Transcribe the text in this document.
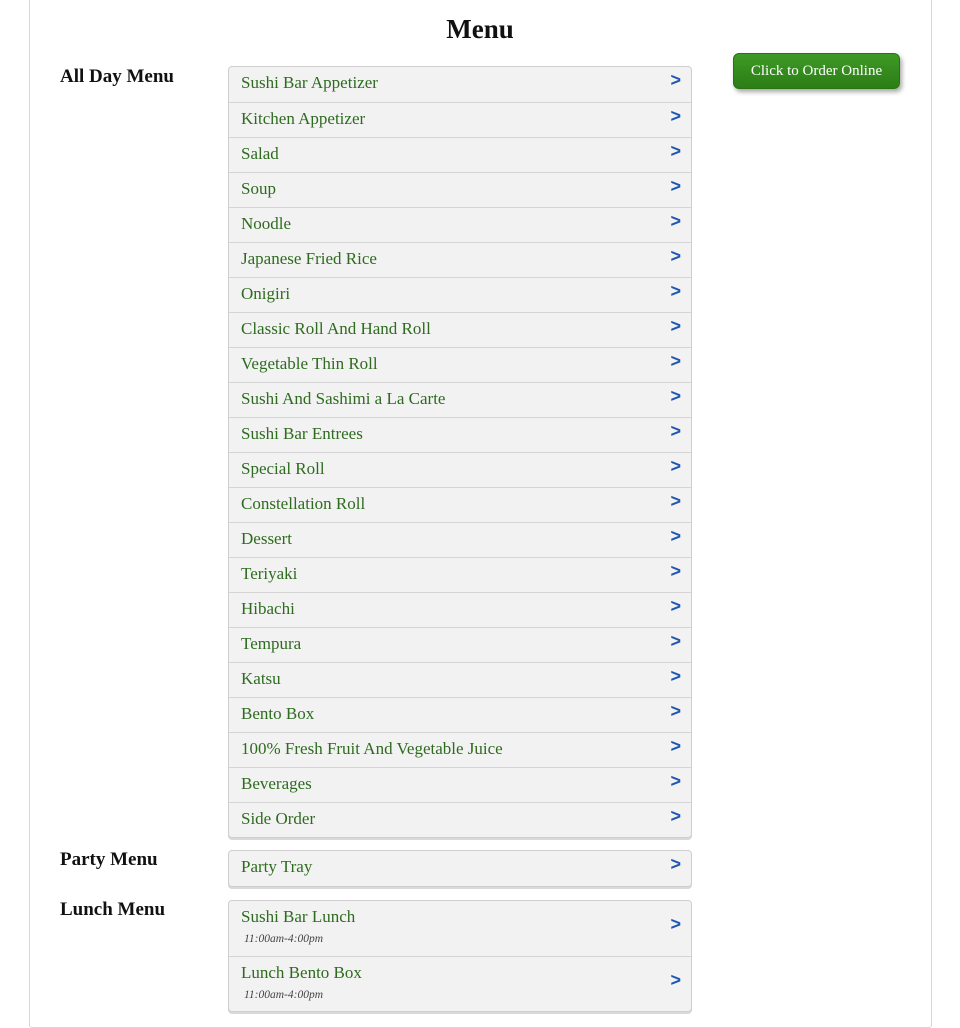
Menu
Click to Order Online
All Day Menu	Sushi Bar Appetizer	>
Kitchen Appetizer	>
Salad	>
Soup	>
Noodle	>
Japanese Fried Rice	>
Onigiri	>
Classic Roll And Hand Roll	>
Vegetable Thin Roll	>
Sushi And Sashimi a La Carte	>
Sushi Bar Entrees	>
Special Roll	>
Constellation Roll	>
Dessert	>
Teriyaki	>
Hibachi	>
Tempura	>
Katsu	>
Bento Box	>
100% Fresh Fruit And Vegetable Juice	>
Beverages	>
Side Order	>
Party Menu	Party Tray	>
Lunch Menu	Sushi Bar Lunch
11:00am-4:00pm
>
Lunch Bento Box
11:00am-4:00pm
>
